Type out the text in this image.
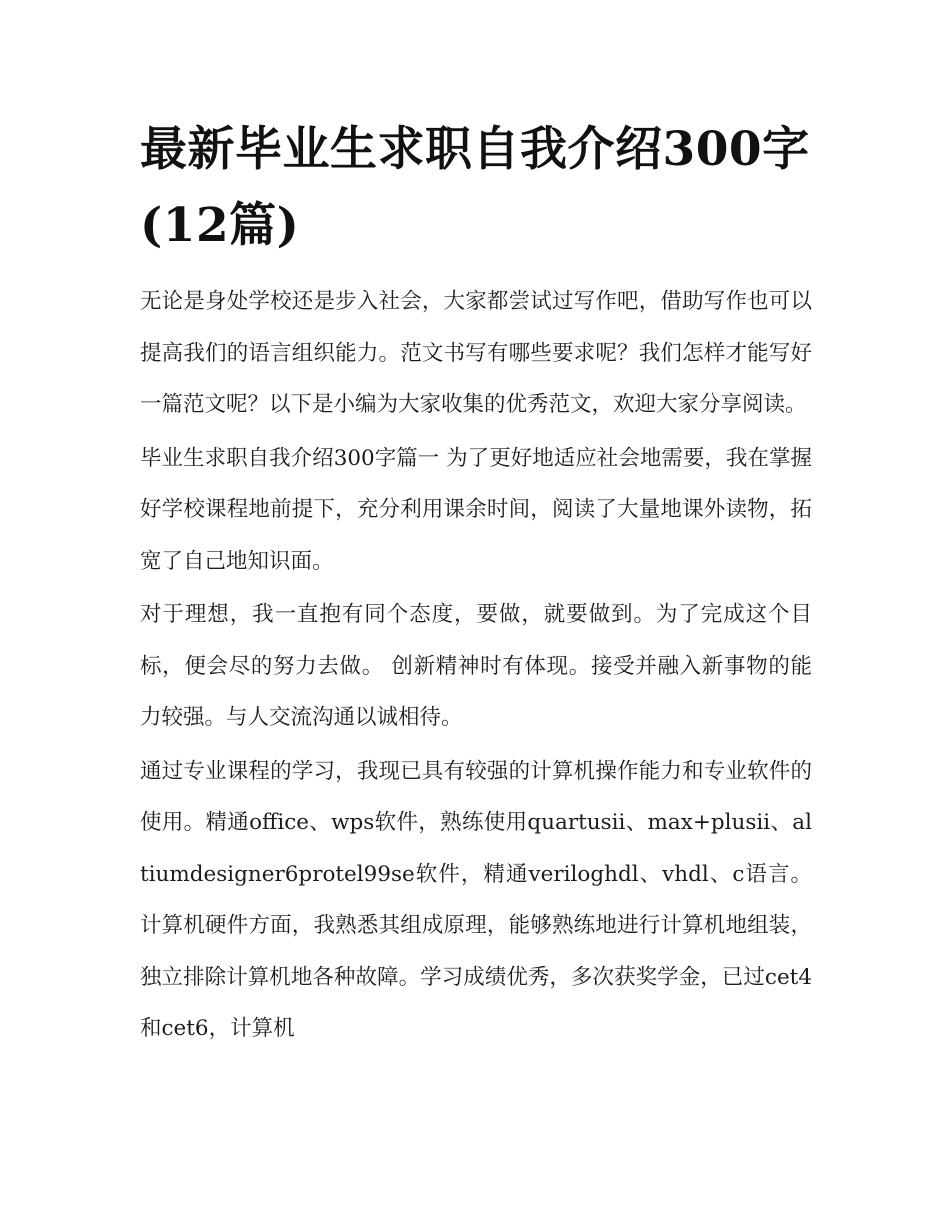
最新毕业生求职自我介绍300字(12篇)

无论是身处学校还是步入社会，大家都尝试过写作吧，借助写作也可以提高我们的语言组织能力。范文书写有哪些要求呢？我们怎样才能写好一篇范文呢？以下是小编为大家收集的优秀范文，欢迎大家分享阅读。

毕业生求职自我介绍300字篇一 为了更好地适应社会地需要，我在掌握好学校课程地前提下，充分利用课余时间，阅读了大量地课外读物，拓宽了自己地知识面。

对于理想，我一直抱有同个态度，要做，就要做到。为了完成这个目标，便会尽的努力去做。 创新精神时有体现。接受并融入新事物的能力较强。与人交流沟通以诚相待。

通过专业课程的学习，我现已具有较强的计算机操作能力和专业软件的使用。精通office、wps软件，熟练使用quartusii、max+plusii、altiumdesigner6protel99se软件，精通veriloghdl、vhdl、c语言。计算机硬件方面，我熟悉其组成原理，能够熟练地进行计算机地组装，独立排除计算机地各种故障。学习成绩优秀，多次获奖学金，已过cet4和cet6，计算机
